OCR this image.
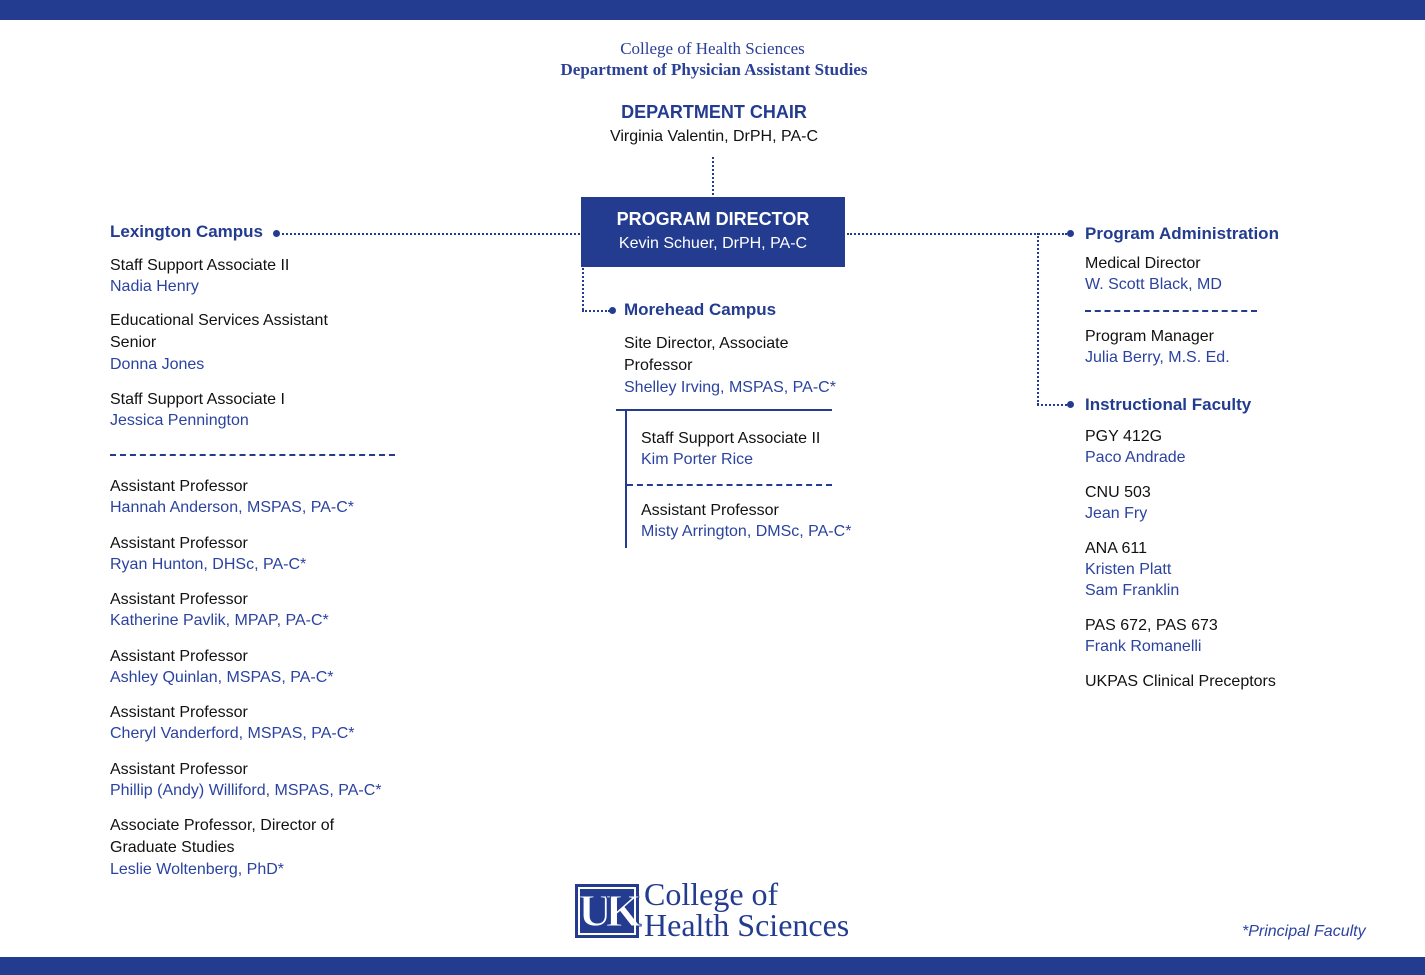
College of Health Sciences
Department of Physician Assistant Studies
DEPARTMENT CHAIR
Virginia Valentin, DrPH, PA-C
PROGRAM DIRECTOR
Kevin Schuer, DrPH, PA-C
Lexington Campus
Staff Support Associate II
Nadia Henry
Educational Services Assistant Senior
Donna Jones
Staff Support Associate I
Jessica Pennington
Assistant Professor
Hannah Anderson, MSPAS, PA-C*
Assistant Professor
Ryan Hunton, DHSc, PA-C*
Assistant Professor
Katherine Pavlik, MPAP, PA-C*
Assistant Professor
Ashley Quinlan, MSPAS, PA-C*
Assistant Professor
Cheryl Vanderford, MSPAS, PA-C*
Assistant Professor
Phillip (Andy) Williford, MSPAS, PA-C*
Associate Professor, Director of Graduate Studies
Leslie Woltenberg, PhD*
Morehead Campus
Site Director, Associate Professor
Shelley Irving, MSPAS, PA-C*
Staff Support Associate II
Kim Porter Rice
Assistant Professor
Misty Arrington, DMSc, PA-C*
Program Administration
Medical Director
W. Scott Black, MD
Program Manager
Julia Berry, M.S. Ed.
Instructional Faculty
PGY 412G
Paco Andrade
CNU 503
Jean Fry
ANA 611
Kristen Platt
Sam Franklin
PAS 672, PAS 673
Frank Romanelli
UKPAS Clinical Preceptors
UK College of
Health Sciences	*Principal Faculty
